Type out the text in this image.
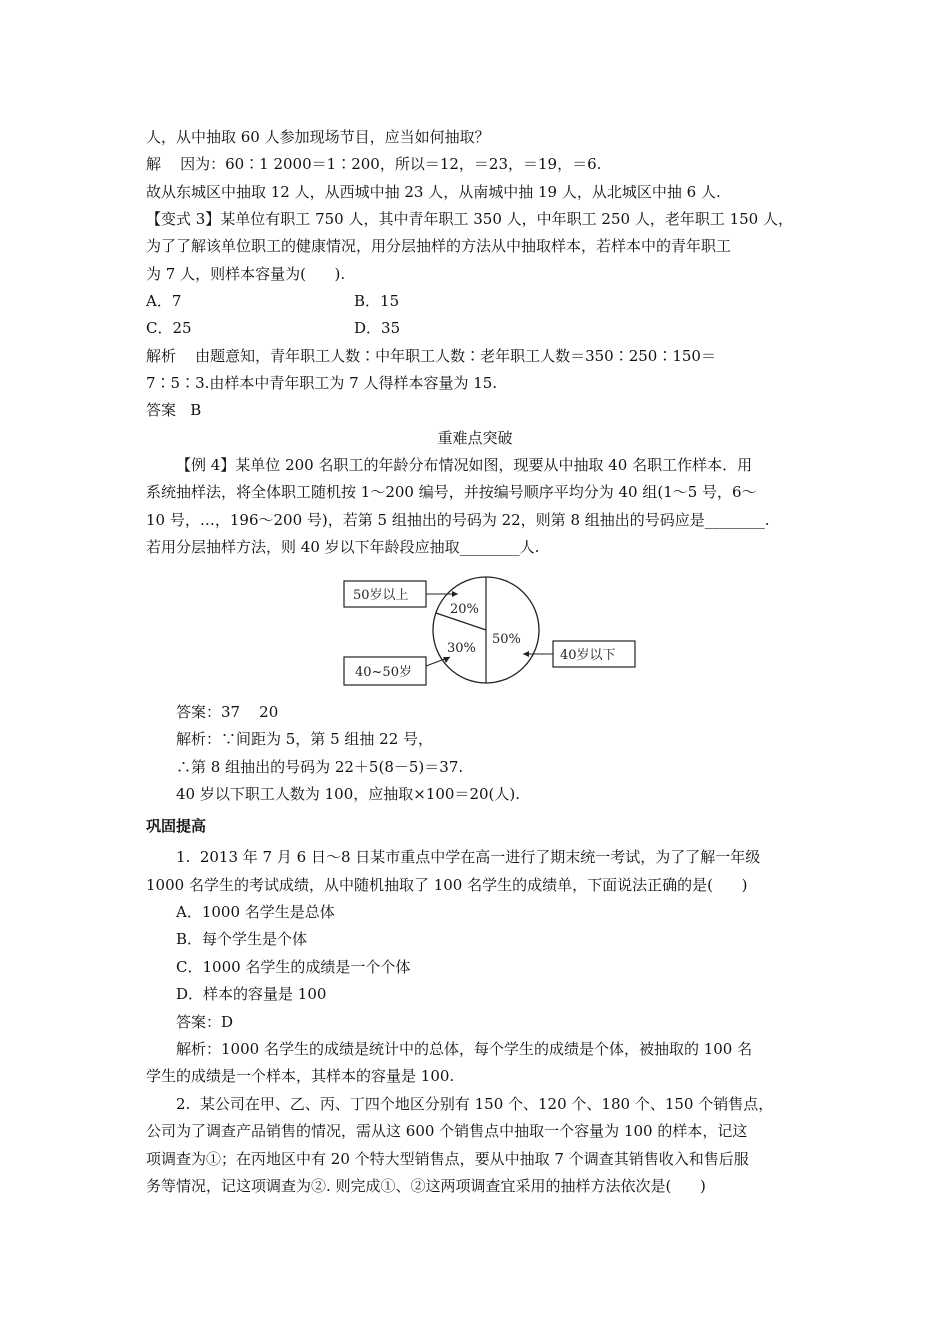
人，从中抽取 60 人参加现场节目，应当如何抽取？
解    因为：60∶1 2000＝1∶200，所以＝12，＝23，＝19，＝6.
故从东城区中抽取 12 人，从西城中抽 23 人，从南城中抽 19 人，从北城区中抽 6 人.
【变式 3】某单位有职工 750 人，其中青年职工 350 人，中年职工 250 人，老年职工 150 人，
为了了解该单位职工的健康情况，用分层抽样的方法从中抽取样本，若样本中的青年职工
为 7 人，则样本容量为(      ).
A．7	B．15
C．25	D．35
解析    由题意知，青年职工人数∶中年职工人数∶老年职工人数＝350∶250∶150＝
7∶5∶3.由样本中青年职工为 7 人得样本容量为 15.
答案   B
重难点突破
【例 4】某单位 200 名职工的年龄分布情况如图，现要从中抽取 40 名职工作样本．用
系统抽样法，将全体职工随机按 1～200 编号，并按编号顺序平均分为 40 组(1～5 号，6～
10 号，…，196～200 号)，若第 5 组抽出的号码为 22，则第 8 组抽出的号码应是________.
若用分层抽样方法，则 40 岁以下年龄段应抽取________人.
20%
30%
50%
50岁以上
40~50岁
40岁以下
答案：37    20
解析：∵间距为 5，第 5 组抽 22 号，
∴第 8 组抽出的号码为 22＋5(8－5)＝37.
40 岁以下职工人数为 100，应抽取×100＝20(人).
巩固提高
1.  2013 年 7 月 6 日～8 日某市重点中学在高一进行了期末统一考试，为了了解一年级
1000 名学生的考试成绩，从中随机抽取了 100 名学生的成绩单，下面说法正确的是(      )
A．1000 名学生是总体
B．每个学生是个体
C．1000 名学生的成绩是一个个体
D．样本的容量是 100
答案：D
解析：1000 名学生的成绩是统计中的总体，每个学生的成绩是个体，被抽取的 100 名
学生的成绩是一个样本，其样本的容量是 100.
2.  某公司在甲、乙、丙、丁四个地区分别有 150 个、120 个、180 个、150 个销售点，
公司为了调查产品销售的情况，需从这 600 个销售点中抽取一个容量为 100 的样本，记这
项调查为①；在丙地区中有 20 个特大型销售点，要从中抽取 7 个调查其销售收入和售后服
务等情况，记这项调查为②. 则完成①、②这两项调查宜采用的抽样方法依次是(      )
